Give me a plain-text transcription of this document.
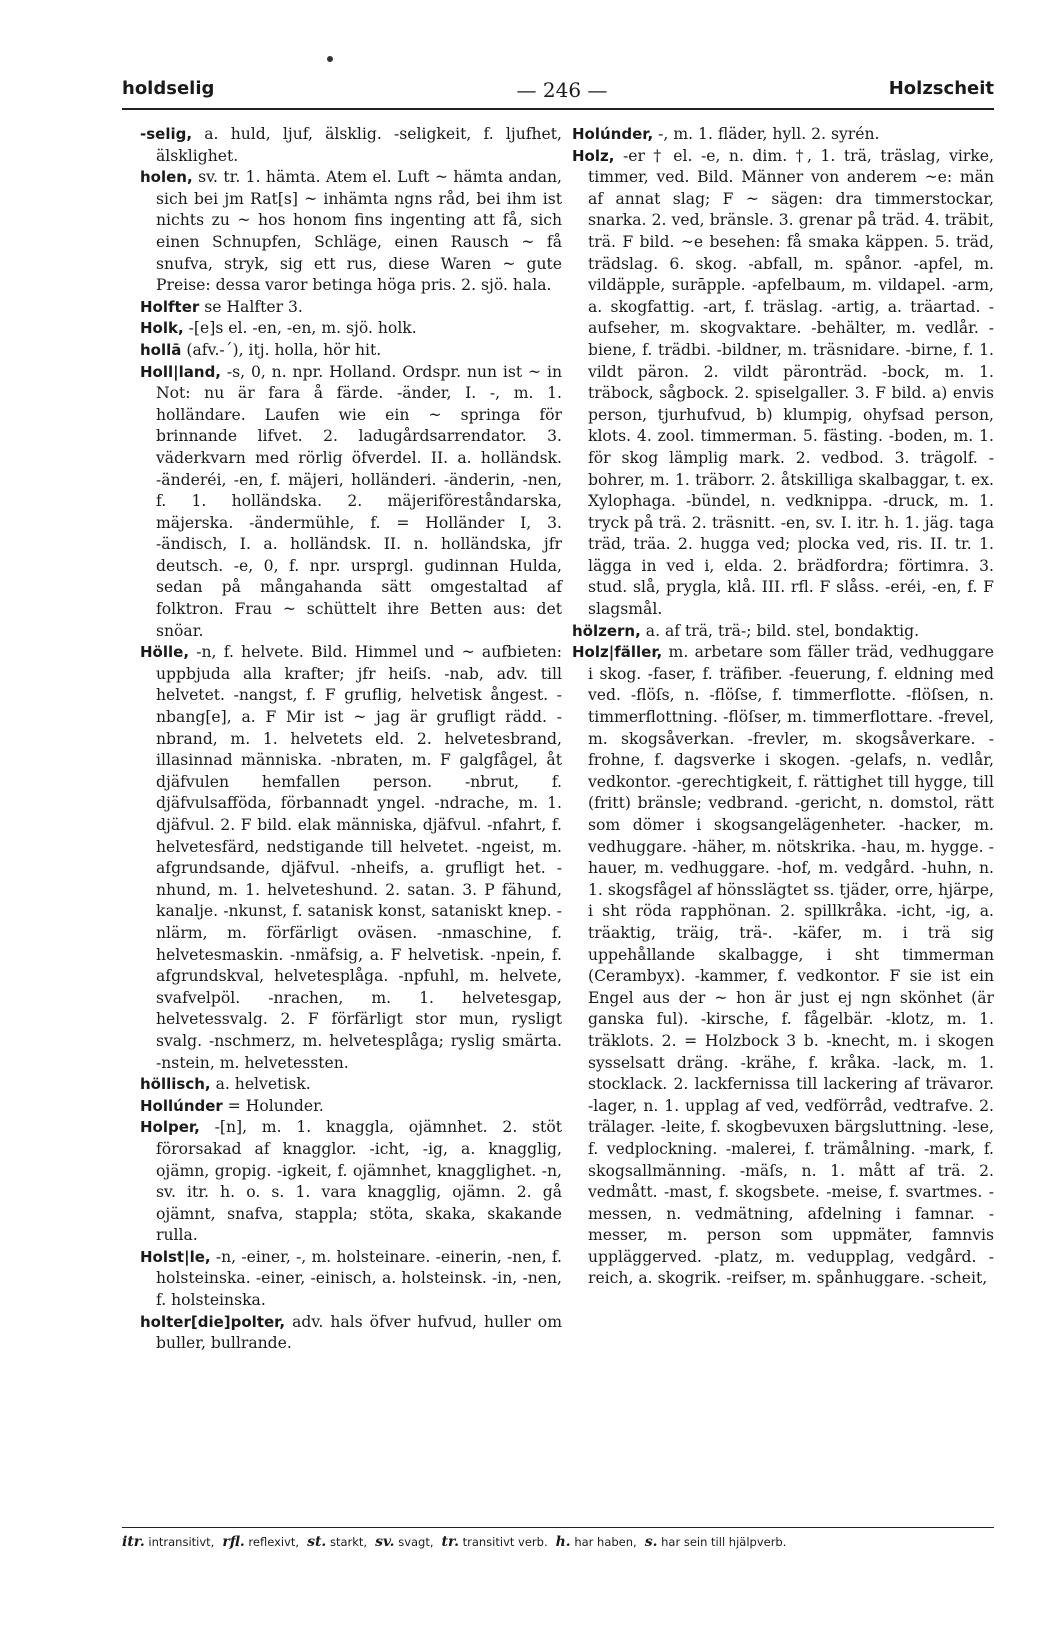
holdselig	— 246 —	Holzscheit

-selig, a. huld, ljuf, älsklig. -seligkeit, f. ljufhet, älsklighet.

holen, sv. tr. 1. hämta. Atem el. Luft ~ hämta andan, sich bei jm Rat[s] ~ inhämta ngns råd, bei ihm ist nichts zu ~ hos honom fins ingenting att få, sich einen Schnupfen, Schläge, einen Rausch ~ få snufva, stryk, sig ett rus, diese Waren ~ gute Preise: dessa varor betinga höga pris. 2. sjö. hala.

Holfter se Halfter 3.

Holk, -[e]s el. -en, -en, m. sjö. holk.

hollā (afv.-´), itj. holla, hör hit.

Holl|land, -s, 0, n. npr. Holland. Ordspr. nun ist ~ in Not: nu är fara å färde. -änder, I. -, m. 1. holländare. Laufen wie ein ~ springa för brinnande lifvet. 2. ladugårdsarrendator. 3. väderkvarn med rörlig öfverdel. II. a. holländsk. -änderéi, -en, f. mäjeri, holländeri. -änderin, -nen, f. 1. holländska. 2. mäjeriföreståndarska, mäjerska. -ändermühle, f. = Holländer I, 3. -ändisch, I. a. holländsk. II. n. holländska, jfr deutsch. -e, 0, f. npr. ursprgl. gudinnan Hulda, sedan på mångahanda sätt omgestaltad af folktron. Frau ~ schüttelt ihre Betten aus: det snöar.

Hölle, -n, f. helvete. Bild. Himmel und ~ aufbieten: uppbjuda alla krafter; jfr heiſs. -nab, adv. till helvetet. -nangst, f. F gruflig, helvetisk ångest. -nbang[e], a. F Mir ist ~ jag är grufligt rädd. -nbrand, m. 1. helvetets eld. 2. helvetesbrand, illasinnad människa. -nbraten, m. F galgfågel, åt djäfvulen hemfallen person. -nbrut, f. djäfvulsafföda, förbannadt yngel. -ndrache, m. 1. djäfvul. 2. F bild. elak människa, djäfvul. -nfahrt, f. helvetesfärd, nedstigande till helvetet. -ngeist, m. afgrundsande, djäfvul. -nheifs, a. grufligt het. -nhund, m. 1. helveteshund. 2. satan. 3. P fähund, kanalje. -nkunst, f. satanisk konst, sataniskt knep. -nlärm, m. förfärligt oväsen. -nmaschine, f. helvetesmaskin. -nmäfsig, a. F helvetisk. -npein, f. afgrundskval, helvetesplåga. -npfuhl, m. helvete, svafvelpöl. -nrachen, m. 1. helvetesgap, helvetessvalg. 2. F förfärligt stor mun, rysligt svalg. -nschmerz, m. helvetesplåga; ryslig smärta. -nstein, m. helvetessten.

höllisch, a. helvetisk.

Hollúnder = Holunder.

Holper, -[n], m. 1. knaggla, ojämnhet. 2. stöt förorsakad af knagglor. -icht, -ig, a. knagglig, ojämn, gropig. -igkeit, f. ojämnhet, knagglighet. -n, sv. itr. h. o. s. 1. vara knagglig, ojämn. 2. gå ojämnt, snafva, stappla; stöta, skaka, skakande rulla.

Holst|le, -n, -einer, -, m. holsteinare. -einerin, -nen, f. holsteinska. -einer, -einisch, a. holsteinsk. -in, -nen, f. holsteinska.

holter[die]polter, adv. hals öfver hufvud, huller om buller, bullrande.

Holúnder, -, m. 1. fläder, hyll. 2. syrén.

Holz, -er † el. -e, n. dim. †, 1. trä, träslag, virke, timmer, ved. Bild. Männer von anderem ~e: män af annat slag; F ~ sägen: dra timmerstockar, snarka. 2. ved, bränsle. 3. grenar på träd. 4. träbit, trä. F bild. ~e besehen: få smaka käppen. 5. träd, trädslag. 6. skog. -abfall, m. spånor. -apfel, m. vildäpple, surāpple. -apfelbaum, m. vildapel. -arm, a. skogfattig. -art, f. träslag. -artig, a. träartad. -aufseher, m. skogvaktare. -behälter, m. vedlår. -biene, f. trädbi. -bildner, m. träsnidare. -birne, f. 1. vildt päron. 2. vildt päronträd. -bock, m. 1. träbock, sågbock. 2. spiselgaller. 3. F bild. a) envis person, tjurhufvud, b) klumpig, ohyfsad person, klots. 4. zool. timmerman. 5. fästing. -boden, m. 1. för skog lämplig mark. 2. vedbod. 3. trägolf. -bohrer, m. 1. träborr. 2. åtskilliga skalbaggar, t. ex. Xylophaga. -bündel, n. vedknippa. -druck, m. 1. tryck på trä. 2. träsnitt. -en, sv. I. itr. h. 1. jäg. taga träd, träa. 2. hugga ved; plocka ved, ris. II. tr. 1. lägga in ved i, elda. 2. brädfordra; förtimra. 3. stud. slå, prygla, klå. III. rfl. F slåss. -eréi, -en, f. F slagsmål.

hölzern, a. af trä, trä-; bild. stel, bondaktig.

Holz|fäller, m. arbetare som fäller träd, vedhuggare i skog. -faser, f. träfiber. -feuerung, f. eldning med ved. -flöſs, n. -flöſse, f. timmerflotte. -flöſsen, n. timmerflottning. -flöſser, m. timmerflottare. -frevel, m. skogsåverkan. -frevler, m. skogsåverkare. -frohne, f. dagsverke i skogen. -gelafs, n. vedlår, vedkontor. -gerechtigkeit, f. rättighet till hygge, till (fritt) bränsle; vedbrand. -gericht, n. domstol, rätt som dömer i skogsangelägenheter. -hacker, m. vedhuggare. -häher, m. nötskrika. -hau, m. hygge. -hauer, m. vedhuggare. -hof, m. vedgård. -huhn, n. 1. skogsfågel af hönsslägtet ss. tjäder, orre, hjärpe, i sht röda rapphönan. 2. spillkråka. -icht, -ig, a. träaktig, träig, trä-. -käfer, m. i trä sig uppehållande skalbagge, i sht timmerman (Cerambyx). -kammer, f. vedkontor. F sie ist ein Engel aus der ~ hon är just ej ngn skönhet (är ganska ful). -kirsche, f. fågelbär. -klotz, m. 1. träklots. 2. = Holzbock 3 b. -knecht, m. i skogen sysselsatt dräng. -krähe, f. kråka. -lack, m. 1. stocklack. 2. lackfernissa till lackering af trävaror. -lager, n. 1. upplag af ved, vedförråd, vedtrafve. 2. trälager. -leite, f. skogbevuxen bärgsluttning. -lese, f. vedplockning. -malerei, f. trämålning. -mark, f. skogsallmänning. -mäſs, n. 1. mått af trä. 2. vedmått. -mast, f. skogsbete. -meise, f. svartmes. -messen, n. vedmätning, afdelning i famnar. -messer, m. person som uppmäter, famnvis uppläggerved. -platz, m. vedupplag, vedgård. -reich, a. skogrik. -reifser, m. spånhuggare. -scheit,

itr. intransitivt, rfl. reflexivt, st. starkt, sv. svagt, tr. transitivt verb. h. har haben, s. har sein till hjälpverb.
